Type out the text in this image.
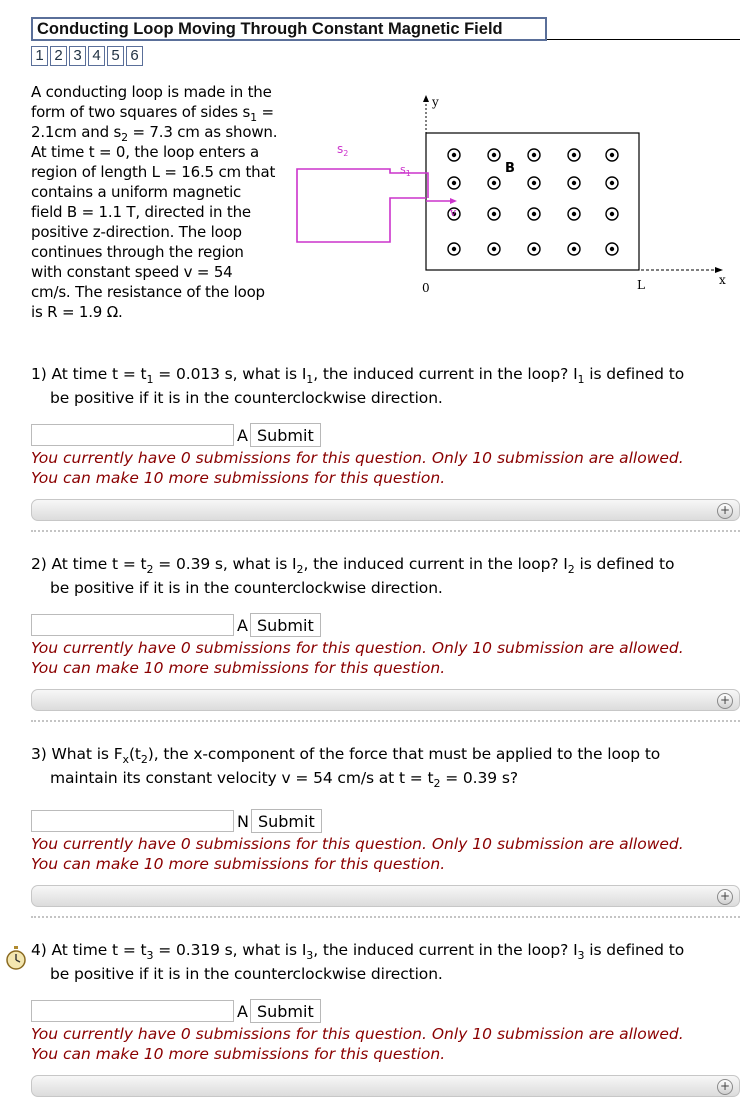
Conducting Loop Moving Through Constant Magnetic Field
1 2 3 4 5 6
A conducting loop is made in the
form of two squares of sides $s_1$ =
2.1cm and $s_2 = 7.3$ cm as shown.
At time t = 0, the loop enters a
region of length L = 16.5 cm that
contains a uniform magnetic
field B = 1.1 T, directed in the
positive z-direction. The loop
continues through the region
with constant speed v = 54
cm/s. The resistance of the loop
is R = 1.9 Ω.
y
x
0	L
B
v
$s_2$
$s_1$
1) At time $t = t_1 = 0.013$ s, what is $I_1$, the induced current in the loop? $I_1$ is defined to
be positive if it is in the counterclockwise direction.
A Submit
You currently have 0 submissions for this question. Only 10 submission are allowed.
You can make 10 more submissions for this question.
+
2) At time $t = t_2 = 0.39$ s, what is $I_2$, the induced current in the loop? $I_2$ is defined to
be positive if it is in the counterclockwise direction.
A Submit
You currently have 0 submissions for this question. Only 10 submission are allowed.
You can make 10 more submissions for this question.
+
3) What is $F_x(t_2)$, the x-component of the force that must be applied to the loop to
maintain its constant velocity v = 54 cm/s at $t = t_2 = 0.39$ s?
N Submit
You currently have 0 submissions for this question. Only 10 submission are allowed.
You can make 10 more submissions for this question.
+
4) At time $t = t_3 = 0.319$ s, what is $I_3$, the induced current in the loop? $I_3$ is defined to
be positive if it is in the counterclockwise direction.
A Submit
You currently have 0 submissions for this question. Only 10 submission are allowed.
You can make 10 more submissions for this question.
+
